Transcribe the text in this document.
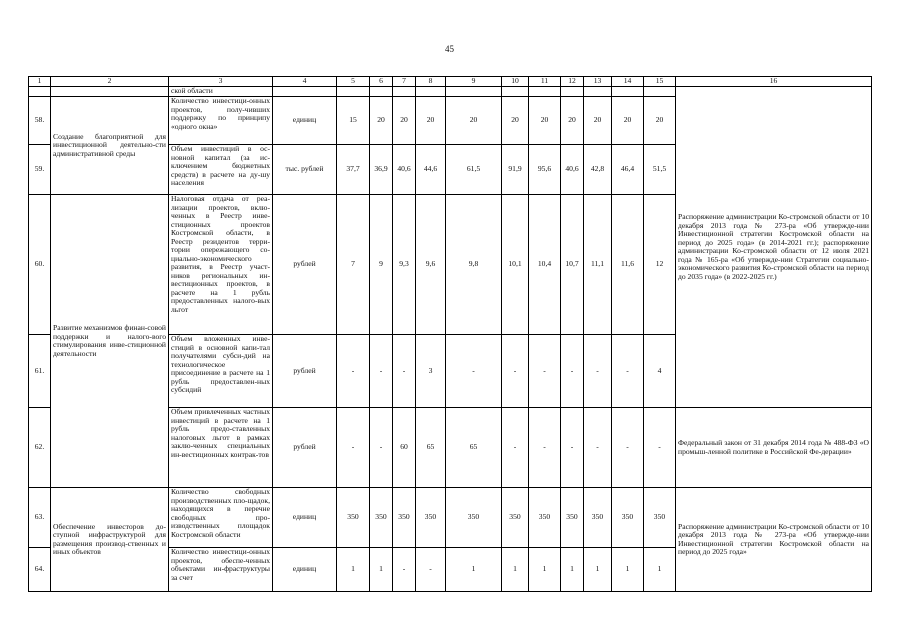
45
1	2	3	4	5	6	7	8	9	10	11	12	13	14	15	16
		ской области													Распоряжение администрации Ко-стромской области от 10 декабря 2013 года № 273-ра «Об утвержде-нии Инвестиционной стратегии Костромской области на период до 2025 года» (в 2014-2021 гг.); распоряжение администрации Ко-стромской области от 12 июля 2021 года № 165-ра «Об утвержде-нии Стратегии социально-экономического развития Ко-стромской области на период до 2035 года» (в 2022-2025 гг.)
58.	Создание благоприятной для инвестиционной деятельно-сти административной среды	Количество инвестици-онных проектов, полу-чивших поддержку по принципу «одного окна»	единиц	15	20	20	20	20	20	20	20	20	20	20	
59.		Объем инвестиций в ос-новной капитал (за ис-ключением бюджетных средств) в расчете на ду-шу населения	тыс. рублей	37,7	36,9	40,6	44,6	61,5	91,9	95,6	40,6	42,8	46,4	51,5	
60.	Развитие механизмов финан-совой поддержки и налого-вого стимулирования инве-стиционной деятельности	Налоговая отдача от реа-лизации проектов, вклю-ченных в Реестр инве-стиционных проектов Костромской области, в Реестр резидентов терри-тории опережающего со-циально-экономического развития, в Реестр участ-ников региональных ин-вестиционных проектов, в расчете на 1 рубль предоставленных налого-вых льгот	рублей	7	9	9,3	9,6	9,8	10,1	10,4	10,7	11,1	11,6	12	
61.		Объем вложенных инве-стиций в основной капи-тал получателями субси-дий на технологическое присоединение в расчете на 1 рубль предоставлен-ных субсидий	рублей	-	-	-	3	-	-	-	-	-	-	4	
62.		Объем привлеченных частных инвестиций в расчете на 1 рубль предо-ставленных налоговых льгот в рамках заклю-ченных специальных ин-вестиционных контрак-тов	рублей	-	-	60	65	65	-	-	-	-	-	-	Федеральный закон от 31 декабря 2014 года № 488-ФЗ «О промыш-ленной политике в Российской Фе-дерации»
63.	Обеспечение инвесторов до-ступной инфраструктурой для размещения производ-ственных и иных объектов	Количество свободных производственных пло-щадок, находящихся в перечне свободных про-изводственных площадок Костромской области	единиц	350	350	350	350	350	350	350	350	350	350	350	Распоряжение администрации Ко-стромской области от 10 декабря 2013 года № 273-ра «Об утвержде-нии Инвестиционной стратегии Костромской области на период до 2025 года»
64.		Количество инвестици-онных проектов, обеспе-ченных объектами ин-фраструктуры за счет	единиц	1	1	-	-	1	1	1	1	1	1	1	
